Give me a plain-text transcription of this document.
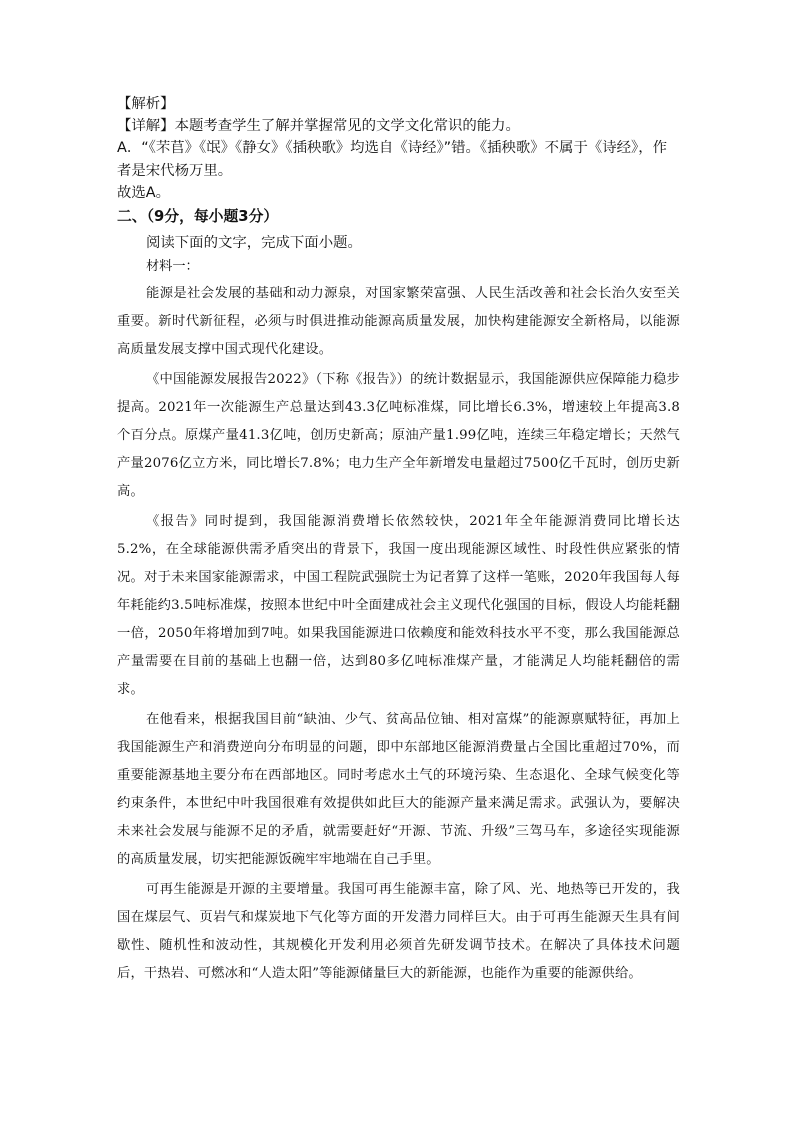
【解析】

【详解】本题考查学生了解并掌握常见的文学文化常识的能力。

A．“《芣苢》《氓》《静女》《插秧歌》均选自《诗经》”错。《插秧歌》不属于《诗经》，作者是宋代杨万里。

故选A。

二、（9分，每小题3分）

阅读下面的文字，完成下面小题。

材料一：

能源是社会发展的基础和动力源泉，对国家繁荣富强、人民生活改善和社会长治久安至关重要。新时代新征程，必须与时俱进推动能源高质量发展，加快构建能源安全新格局，以能源高质量发展支撑中国式现代化建设。

《中国能源发展报告2022》（下称《报告》）的统计数据显示，我国能源供应保障能力稳步提高。2021年一次能源生产总量达到43.3亿吨标准煤，同比增长6.3%，增速较上年提高3.8个百分点。原煤产量41.3亿吨，创历史新高；原油产量1.99亿吨，连续三年稳定增长；天然气产量2076亿立方米，同比增长7.8%；电力生产全年新增发电量超过7500亿千瓦时，创历史新高。

《报告》同时提到，我国能源消费增长依然较快，2021年全年能源消费同比增长达5.2%，在全球能源供需矛盾突出的背景下，我国一度出现能源区域性、时段性供应紧张的情况。对于未来国家能源需求，中国工程院武强院士为记者算了这样一笔账，2020年我国每人每年耗能约3.5吨标准煤，按照本世纪中叶全面建成社会主义现代化强国的目标，假设人均能耗翻一倍，2050年将增加到7吨。如果我国能源进口依赖度和能效科技水平不变，那么我国能源总产量需要在目前的基础上也翻一倍，达到80多亿吨标准煤产量，才能满足人均能耗翻倍的需求。

在他看来，根据我国目前“缺油、少气、贫高品位铀、相对富煤”的能源禀赋特征，再加上我国能源生产和消费逆向分布明显的问题，即中东部地区能源消费量占全国比重超过70%，而重要能源基地主要分布在西部地区。同时考虑水土气的环境污染、生态退化、全球气候变化等约束条件，本世纪中叶我国很难有效提供如此巨大的能源产量来满足需求。武强认为，要解决未来社会发展与能源不足的矛盾，就需要赶好“开源、节流、升级”三驾马车，多途径实现能源的高质量发展，切实把能源饭碗牢牢地端在自己手里。

可再生能源是开源的主要增量。我国可再生能源丰富，除了风、光、地热等已开发的，我国在煤层气、页岩气和煤炭地下气化等方面的开发潜力同样巨大。由于可再生能源天生具有间歇性、随机性和波动性，其规模化开发利用必须首先研发调节技术。在解决了具体技术问题后，干热岩、可燃冰和“人造太阳”等能源储量巨大的新能源，也能作为重要的能源供给。
